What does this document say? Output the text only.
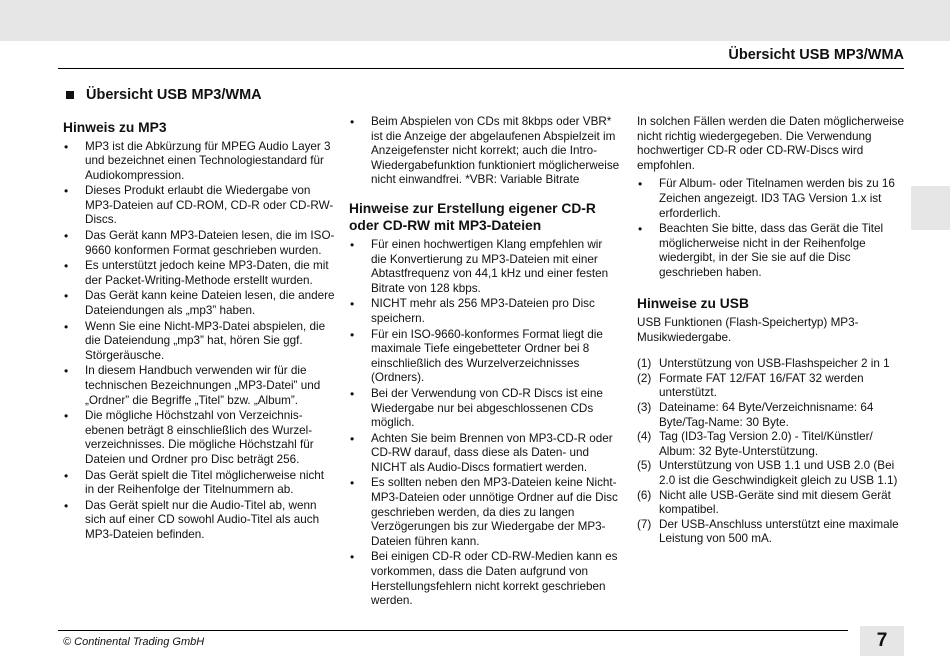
Übersicht USB MP3/WMA
Übersicht USB MP3/WMA
Hinweis zu MP3
• MP3 ist die Abkürzung für MPEG Audio Layer 3 und bezeichnet einen Technologiestandard für Audiokompression.
• Dieses Produkt erlaubt die Wiedergabe von MP3-Dateien auf CD-ROM, CD-R oder CD-RW-Discs.
• Das Gerät kann MP3-Dateien lesen, die im ISO-9660 konformen Format geschrieben wurden.
• Es unterstützt jedoch keine MP3-Daten, die mit der Packet-Writing-Methode erstellt wurden.
• Das Gerät kann keine Dateien lesen, die andere Dateiendungen als „mp3” haben.
• Wenn Sie eine Nicht-MP3-Datei abspielen, die die Dateiendung „mp3” hat, hören Sie ggf. Störgeräusche.
• In diesem Handbuch verwenden wir für die technischen Bezeichnungen „MP3-Datei” und „Ordner” die Begriffe „Titel” bzw. „Album”.
• Die mögliche Höchstzahl von Verzeichnis-ebenen beträgt 8 einschließlich des Wurzel-verzeichnisses. Die mögliche Höchstzahl für Dateien und Ordner pro Disc beträgt 256.
• Das Gerät spielt die Titel möglicherweise nicht in der Reihenfolge der Titelnummern ab.
• Das Gerät spielt nur die Audio-Titel ab, wenn sich auf einer CD sowohl Audio-Titel als auch MP3-Dateien befinden.
• Beim Abspielen von CDs mit 8kbps oder VBR* ist die Anzeige der abgelaufenen Abspielzeit im Anzeigefenster nicht korrekt; auch die Intro-Wiedergabefunktion funktioniert möglicherweise nicht einwandfrei. *VBR: Variable Bitrate
Hinweise zur Erstellung eigener CD-R oder CD-RW mit MP3-Dateien
• Für einen hochwertigen Klang empfehlen wir die Konvertierung zu MP3-Dateien mit einer Abtastfrequenz von 44,1 kHz und einer festen Bitrate von 128 kbps.
• NICHT mehr als 256 MP3-Dateien pro Disc speichern.
• Für ein ISO-9660-konformes Format liegt die maximale Tiefe eingebetteter Ordner bei 8 einschließlich des Wurzelverzeichnisses (Ordners).
• Bei der Verwendung von CD-R Discs ist eine Wiedergabe nur bei abgeschlossenen CDs möglich.
• Achten Sie beim Brennen von MP3-CD-R oder CD-RW darauf, dass diese als Daten- und NICHT als Audio-Discs formatiert werden.
• Es sollten neben den MP3-Dateien keine Nicht-MP3-Dateien oder unnötige Ordner auf die Disc geschrieben werden, da dies zu langen Verzögerungen bis zur Wiedergabe der MP3-Dateien führen kann.
• Bei einigen CD-R oder CD-RW-Medien kann es vorkommen, dass die Daten aufgrund von Herstellungsfehlern nicht korrekt geschrieben werden.

In solchen Fällen werden die Daten möglicherweise nicht richtig wiedergegeben. Die Verwendung hochwertiger CD-R oder CD-RW-Discs wird empfohlen.

• Für Album- oder Titelnamen werden bis zu 16 Zeichen angezeigt. ID3 TAG Version 1.x ist erforderlich.
• Beachten Sie bitte, dass das Gerät die Titel möglicherweise nicht in der Reihenfolge wiedergibt, in der Sie sie auf die Disc geschrieben haben.
Hinweise zu USB

USB Funktionen (Flash-Speichertyp) MP3-Musikwiedergabe.

(1) Unterstützung von USB-Flashspeicher 2 in 1
(2) Formate FAT 12/FAT 16/FAT 32 werden unterstützt.
(3) Dateiname: 64 Byte/Verzeichnisname: 64 Byte/Tag-Name: 30 Byte.
(4) Tag (ID3-Tag Version 2.0) - Titel/Künstler/ Album: 32 Byte-Unterstützung.
(5) Unterstützung von USB 1.1 und USB 2.0 (Bei 2.0 ist die Geschwindigkeit gleich zu USB 1.1)
(6) Nicht alle USB-Geräte sind mit diesem Gerät kompatibel.
(7) Der USB-Anschluss unterstützt eine maximale Leistung von 500 mA.
© Continental Trading GmbH	7
